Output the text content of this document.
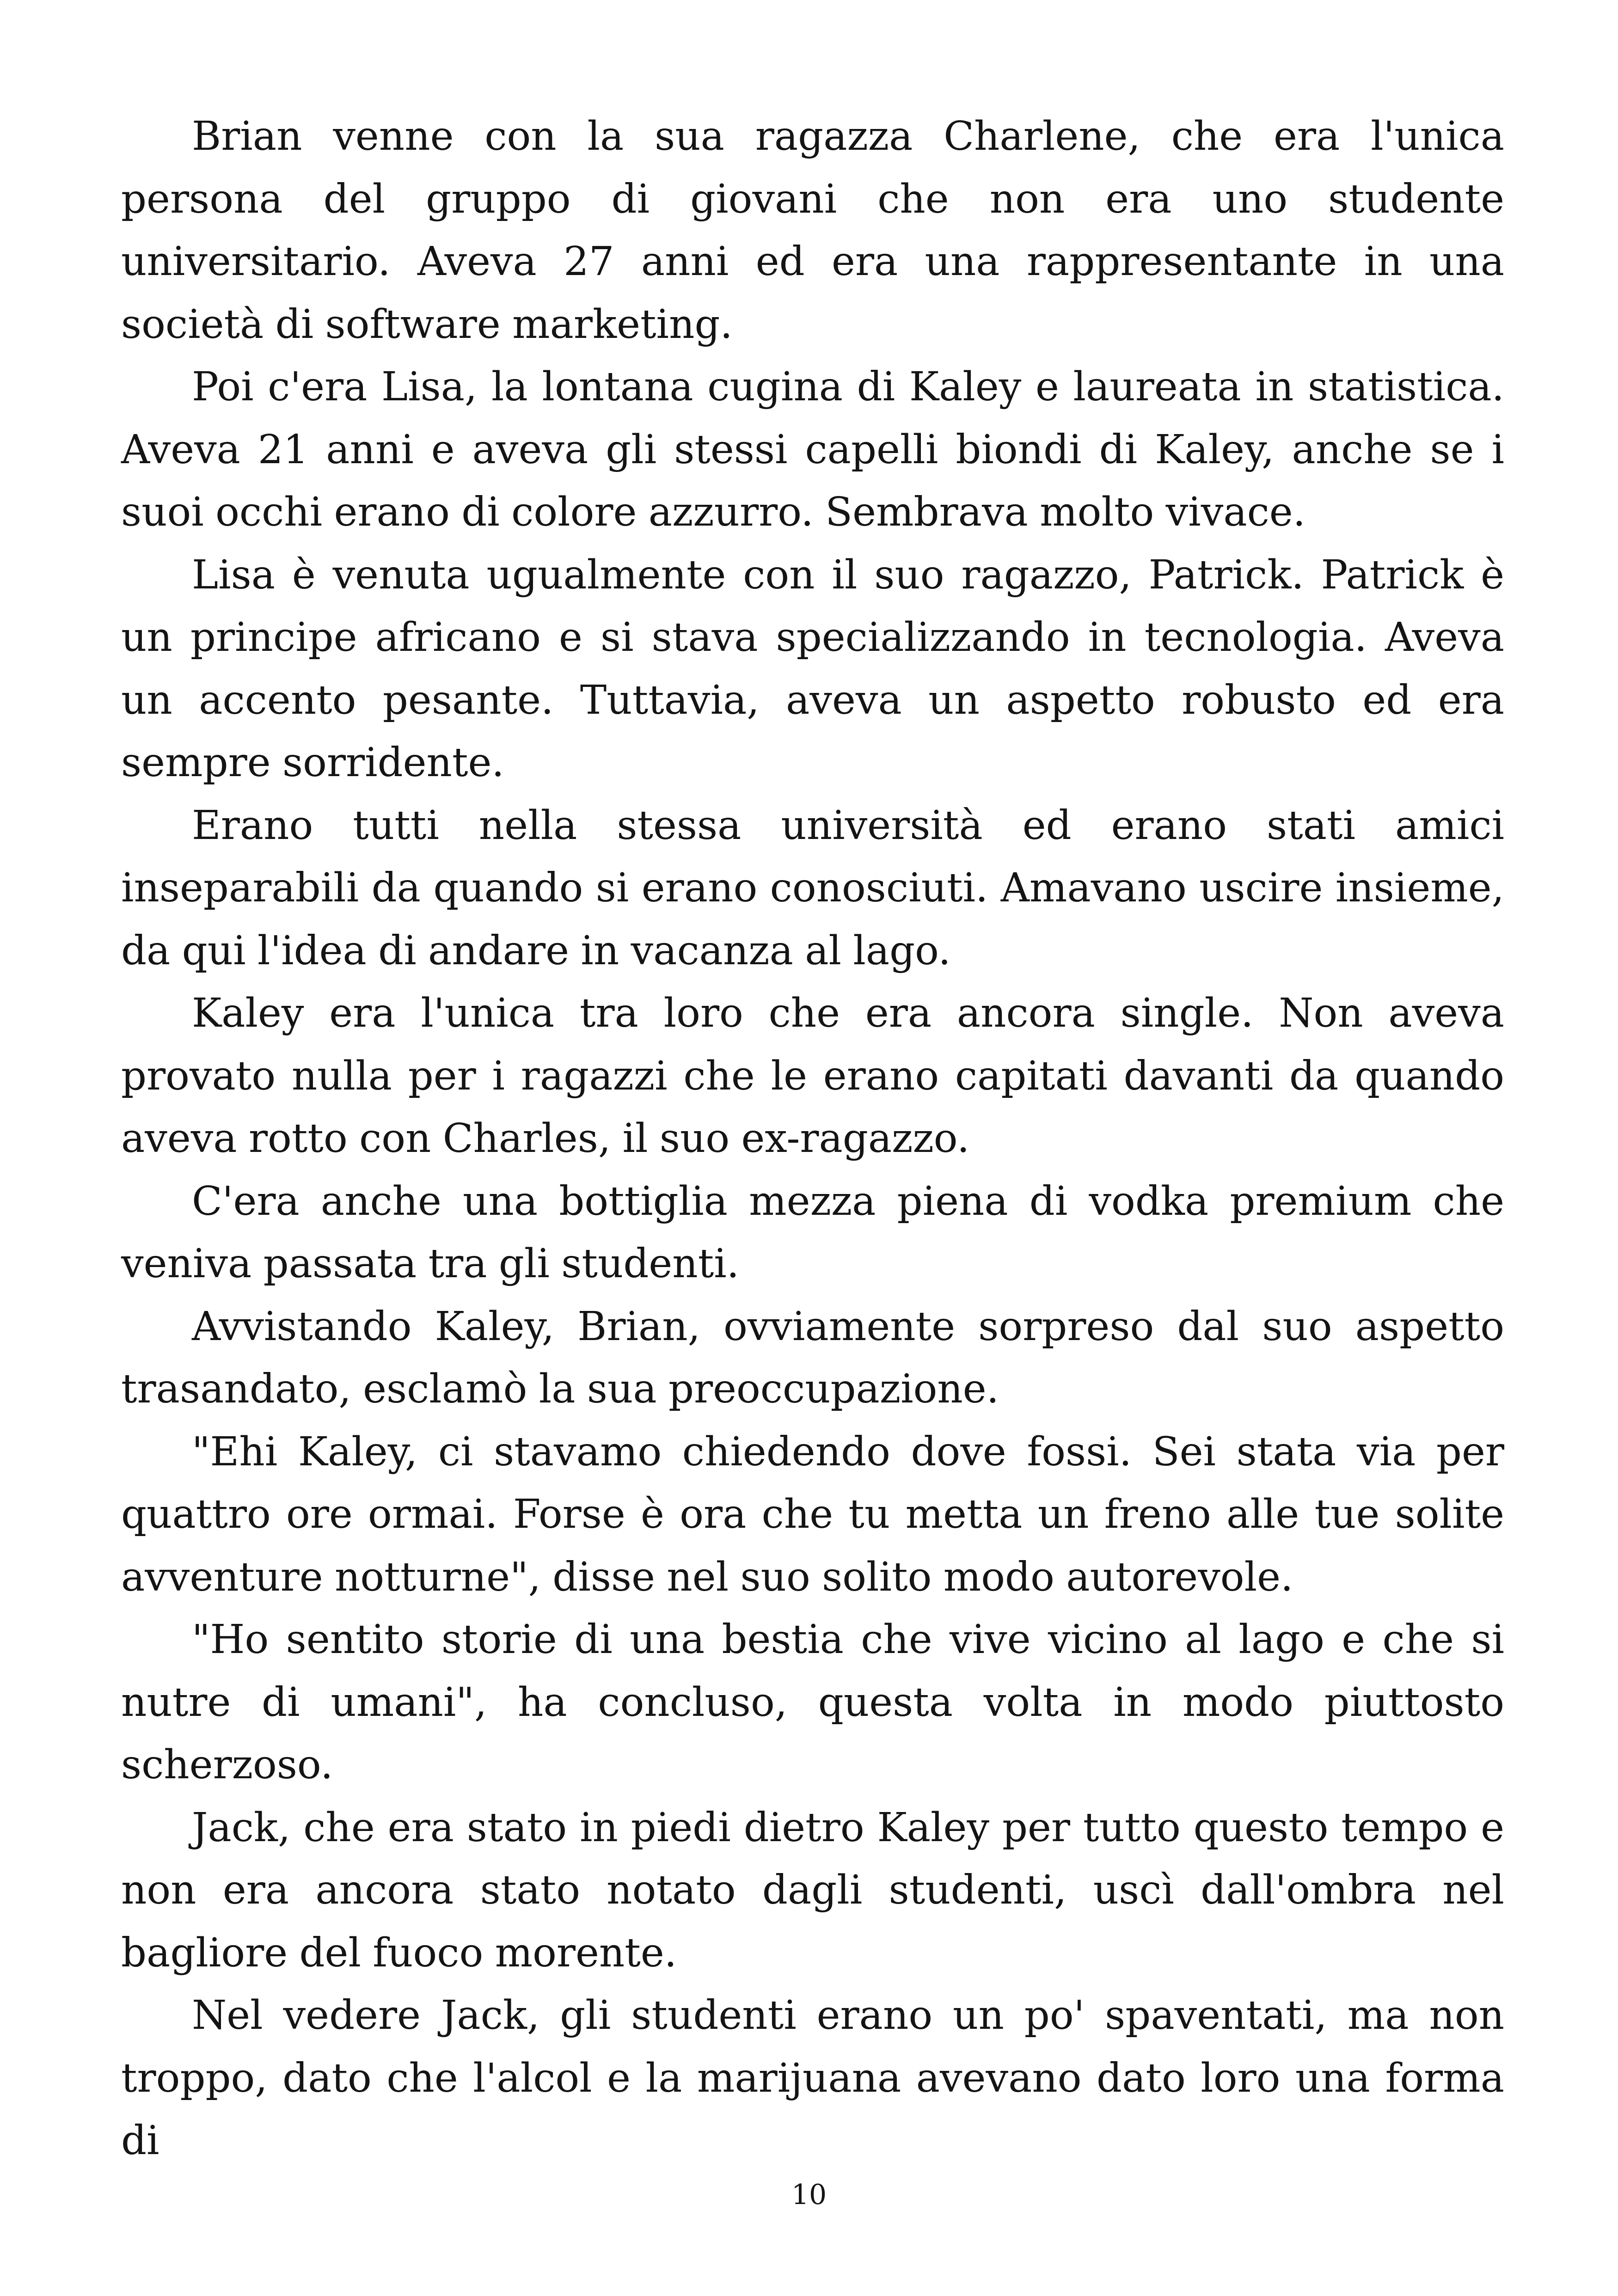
Brian venne con la sua ragazza Charlene, che era l'unica persona del gruppo di giovani che non era uno studente universitario. Aveva 27 anni ed era una rappresentante in una società di software marketing.

Poi c'era Lisa, la lontana cugina di Kaley e laureata in statistica. Aveva 21 anni e aveva gli stessi capelli biondi di Kaley, anche se i suoi occhi erano di colore azzurro. Sembrava molto vivace.

Lisa è venuta ugualmente con il suo ragazzo, Patrick. Patrick è un principe africano e si stava specializzando in tecnologia. Aveva un accento pesante. Tuttavia, aveva un aspetto robusto ed era sempre sorridente.

Erano tutti nella stessa università ed erano stati amici inseparabili da quando si erano conosciuti. Amavano uscire insieme, da qui l'idea di andare in vacanza al lago.

Kaley era l'unica tra loro che era ancora single. Non aveva provato nulla per i ragazzi che le erano capitati davanti da quando aveva rotto con Charles, il suo ex-ragazzo.

C'era anche una bottiglia mezza piena di vodka premium che veniva passata tra gli studenti.

Avvistando Kaley, Brian, ovviamente sorpreso dal suo aspetto trasandato, esclamò la sua preoccupazione.

"Ehi Kaley, ci stavamo chiedendo dove fossi. Sei stata via per quattro ore ormai. Forse è ora che tu metta un freno alle tue solite avventure notturne", disse nel suo solito modo autorevole.

"Ho sentito storie di una bestia che vive vicino al lago e che si nutre di umani", ha concluso, questa volta in modo piuttosto scherzoso.

Jack, che era stato in piedi dietro Kaley per tutto questo tempo e non era ancora stato notato dagli studenti, uscì dall'ombra nel bagliore del fuoco morente.

Nel vedere Jack, gli studenti erano un po' spaventati, ma non troppo, dato che l'alcol e la marijuana avevano dato loro una forma di

10
